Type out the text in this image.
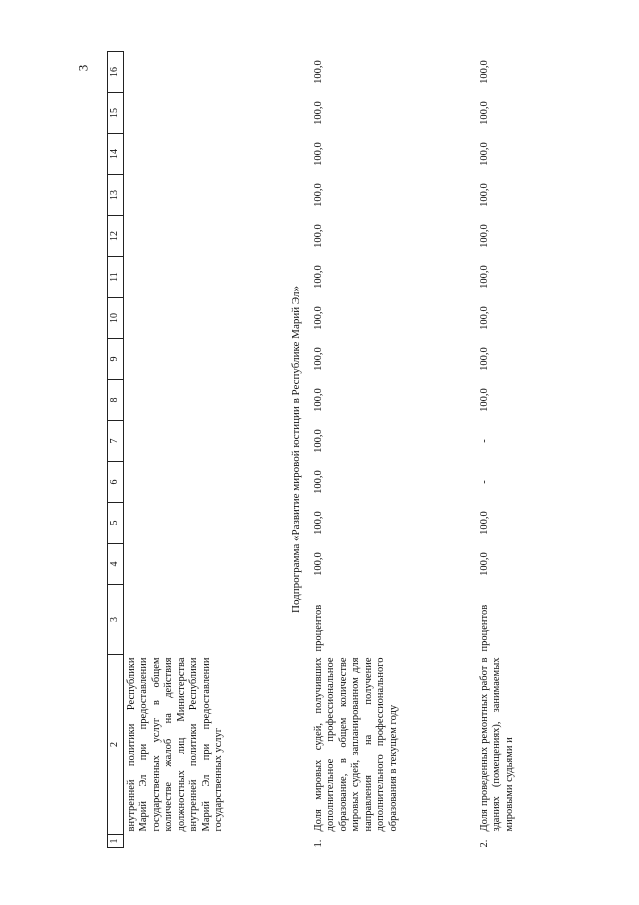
3
1	2	3	4	5	6	7	8	9	10	11	12	13	14	15	16
	внутренней политики Республики Марий Эл при предоставлении государственных услуг в общем количестве жалоб на действия должностных лиц Министерства внутренней политики Республики Марий Эл при предоставлении государственных услуг														
Подпрограмма «Развитие мировой юстиции в Республике Марий Эл»															
1.	Доля мировых судей, получивших дополнительное профессиональное образование, в общем количестве мировых судей, запланированном для направления на получение дополнительного профессионального образования в текущем году	процентов	100,0	100,0	100,0	100,0	100,0	100,0	100,0	100,0	100,0	100,0	100,0	100,0	100,0
2.	Доля проведенных ремонтных работ в зданиях (помещениях), занимаемых мировыми судьями и	процентов	100,0	100,0	-	-	100,0	100,0	100,0	100,0	100,0	100,0	100,0	100,0	100,0
